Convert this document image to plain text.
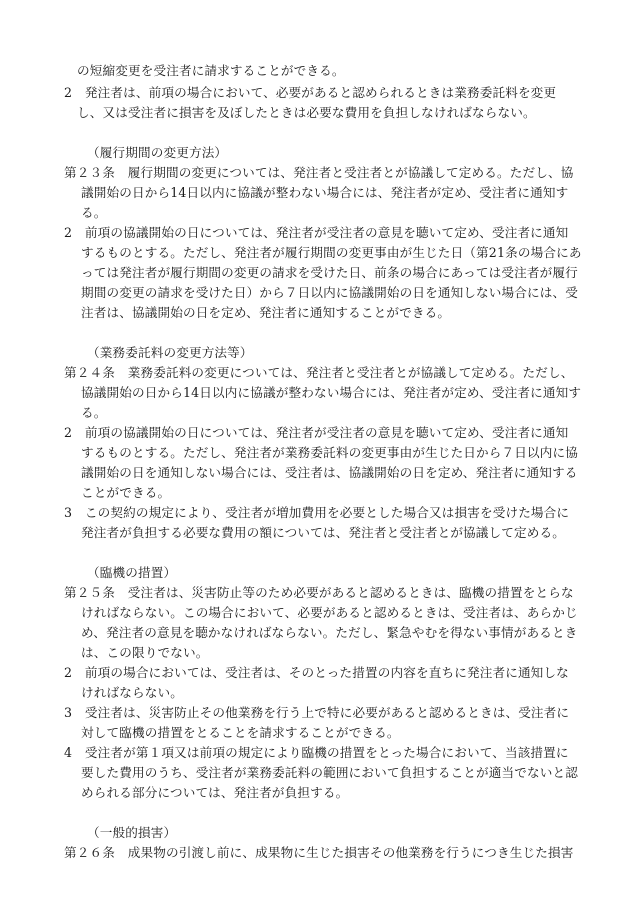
の短縮変更を受注者に請求することができる。
2　発注者は、前項の場合において、必要があると認められるときは業務委託料を変更
し、又は受注者に損害を及ぼしたときは必要な費用を負担しなければならない。
（履行期間の変更方法）
第２３条　履行期間の変更については、発注者と受注者とが協議して定める。ただし、協
議開始の日から14日以内に協議が整わない場合には、発注者が定め、受注者に通知す
る。
2　前項の協議開始の日については、発注者が受注者の意見を聴いて定め、受注者に通知
するものとする。ただし、発注者が履行期間の変更事由が生じた日（第21条の場合にあ
っては発注者が履行期間の変更の請求を受けた日、前条の場合にあっては受注者が履行
期間の変更の請求を受けた日）から７日以内に協議開始の日を通知しない場合には、受
注者は、協議開始の日を定め、発注者に通知することができる。
（業務委託料の変更方法等）
第２４条　業務委託料の変更については、発注者と受注者とが協議して定める。ただし、
協議開始の日から14日以内に協議が整わない場合には、発注者が定め、受注者に通知す
る。
2　前項の協議開始の日については、発注者が受注者の意見を聴いて定め、受注者に通知
するものとする。ただし、発注者が業務委託料の変更事由が生じた日から７日以内に協
議開始の日を通知しない場合には、受注者は、協議開始の日を定め、発注者に通知する
ことができる。
3　この契約の規定により、受注者が増加費用を必要とした場合又は損害を受けた場合に
発注者が負担する必要な費用の額については、発注者と受注者とが協議して定める。
（臨機の措置）
第２５条　受注者は、災害防止等のため必要があると認めるときは、臨機の措置をとらな
ければならない。この場合において、必要があると認めるときは、受注者は、あらかじ
め、発注者の意見を聴かなければならない。ただし、緊急やむを得ない事情があるとき
は、この限りでない。
2　前項の場合においては、受注者は、そのとった措置の内容を直ちに発注者に通知しな
ければならない。
3　受注者は、災害防止その他業務を行う上で特に必要があると認めるときは、受注者に
対して臨機の措置をとることを請求することができる。
4　受注者が第１項又は前項の規定により臨機の措置をとった場合において、当該措置に
要した費用のうち、受注者が業務委託料の範囲において負担することが適当でないと認
められる部分については、発注者が負担する。
（一般的損害）
第２６条　成果物の引渡し前に、成果物に生じた損害その他業務を行うにつき生じた損害
